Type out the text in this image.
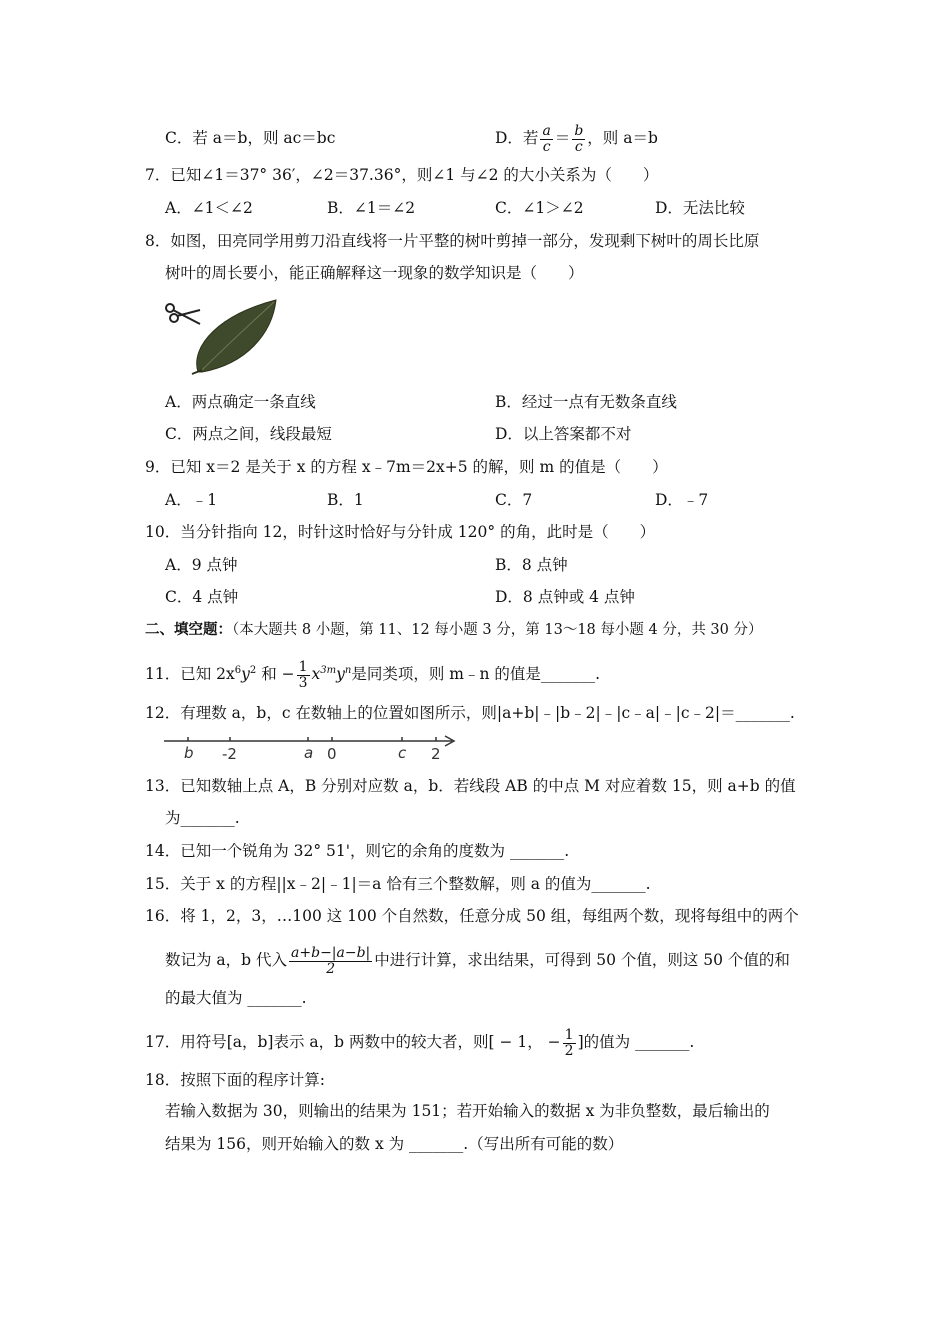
C．若 a＝b，则 ac＝bc	D．若 $\frac{a}{c} = \frac{b}{c}$ ，则 a＝b
7．已知∠1＝37° 36′，∠2＝37.36°，则∠1 与∠2 的大小关系为（　　）
A．∠1＜∠2	B．∠1＝∠2	C．∠1＞∠2	D．无法比较
8．如图，田亮同学用剪刀沿直线将一片平整的树叶剪掉一部分，发现剩下树叶的周长比原
树叶的周长要小，能正确解释这一现象的数学知识是（　　）
A．两点确定一条直线	B．经过一点有无数条直线
C．两点之间，线段最短	D．以上答案都不对
9．已知 x＝2 是关于 x 的方程 x﹣7m＝2x+5 的解，则 m 的值是（　　）
A．﹣1	B．1	C．7	D．﹣7
10．当分针指向 12，时针这时恰好与分针成 120° 的角，此时是（　　）
A．9 点钟	B．8 点钟
C．4 点钟	D．8 点钟或 4 点钟
二、填空题：（本大题共 8 小题，第 11、12 每小题 3 分，第 13～18 每小题 4 分，共 30 分）
11．已知 $2x^6y^2$ 和 − $\frac{1}{3} x^{3m}y^n$是同类项，则 m﹣n 的值是_______.
12．有理数 a，b，c 在数轴上的位置如图所示，则|a+b|﹣|b﹣2|﹣|c﹣a|﹣|c﹣2|＝_______.
b -2	a 0	c 2
13．已知数轴上点 A，B 分别对应数 a，b．若线段 AB 的中点 M 对应着数 15，则 a+b 的值
为_______.
14．已知一个锐角为 32° 51'，则它的余角的度数为 _______.
15．关于 x 的方程||x﹣2|﹣1|＝a 恰有三个整数解，则 a 的值为_______.
16．将 1，2，3，…100 这 100 个自然数，任意分成 50 组，每组两个数，现将每组中的两个
数记为 a，b 代入 $\frac{a+b-|a-b|}{2}$ 中进行计算，求出结果，可得到 50 个值，则这 50 个值的和
的最大值为 _______.
17．用符号[a，b]表示 a，b 两数中的较大者，则[ − 1， − $\frac{1}{2}$ ]的值为 _______.
18．按照下面的程序计算:
若输入数据为 30，则输出的结果为 151；若开始输入的数据 x 为非负整数，最后输出的
结果为 156，则开始输入的数 x 为 _______.（写出所有可能的数）
